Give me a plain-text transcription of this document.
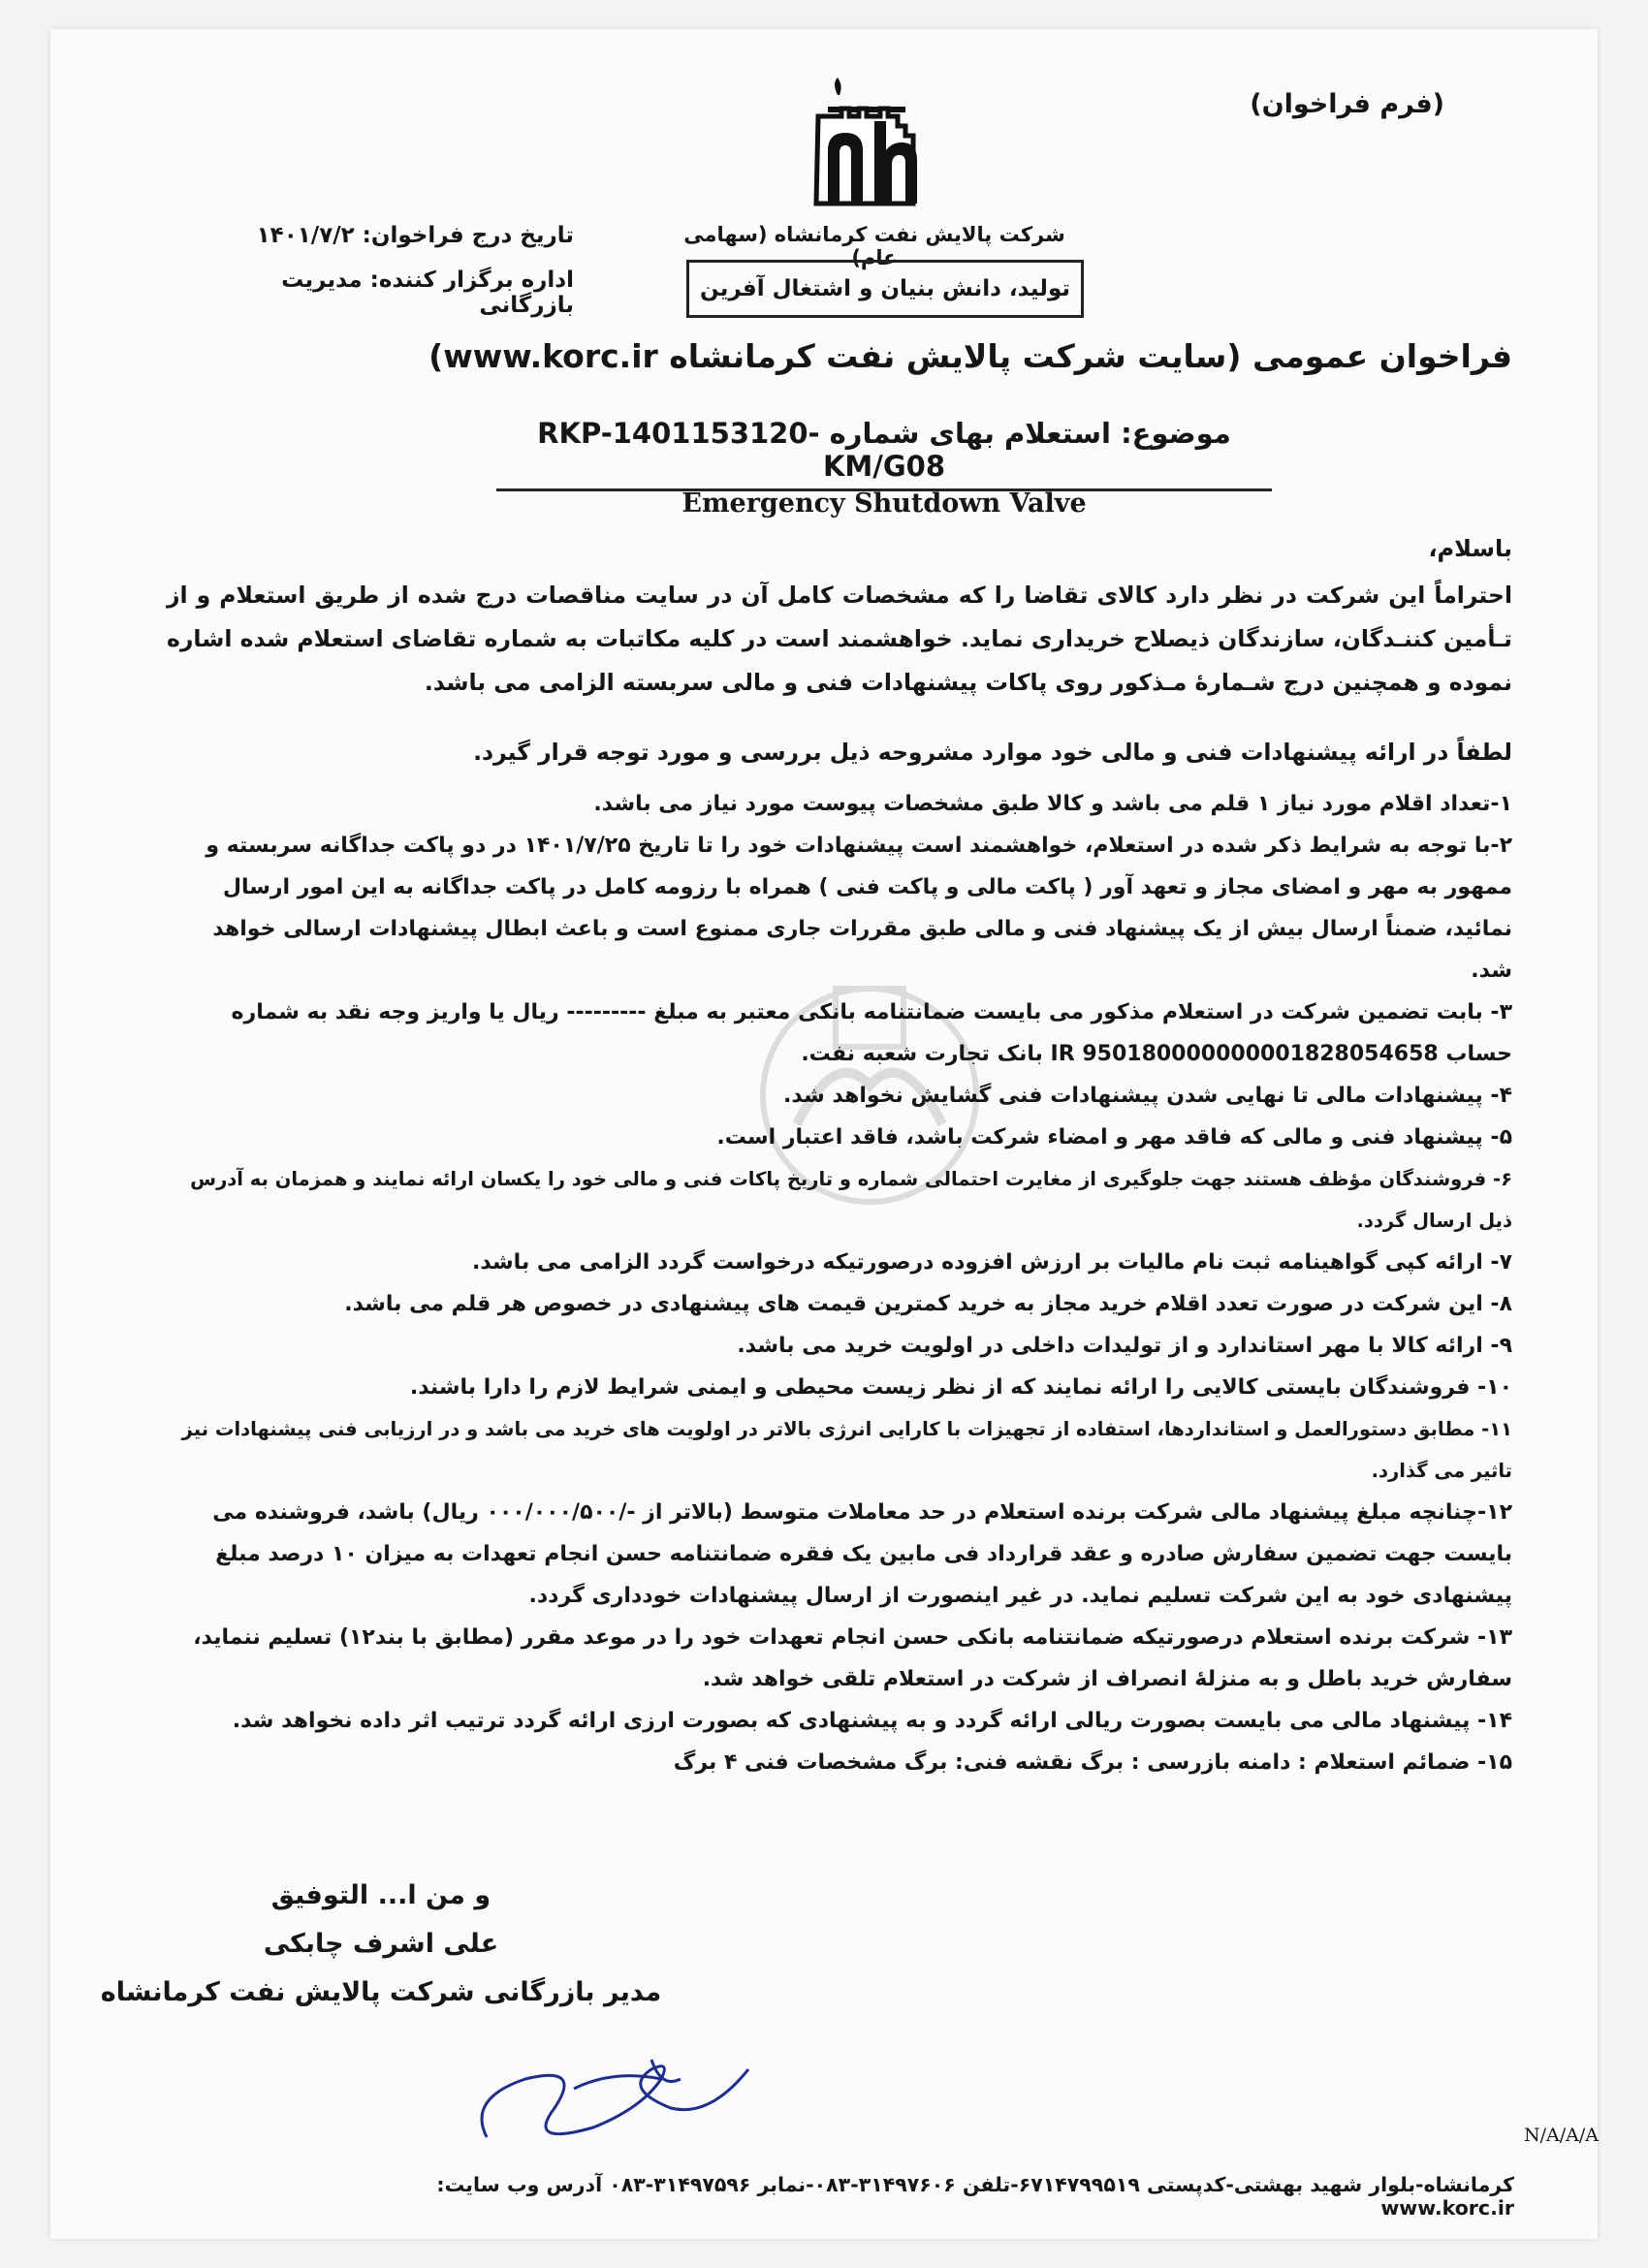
(فرم فراخوان)
شرکت پالایش نفت کرمانشاه (سهامی عام)
تولید، دانش بنیان و اشتغال آفرین
تاریخ درج فراخوان: ۱۴۰۱/۷/۲
اداره برگزار کننده: مدیریت بازرگانی
فراخوان عمومی (سایت شرکت پالایش نفت کرمانشاه www.korc.ir)
موضوع: استعلام بهای شماره RKP-1401153120-KM/G08
Emergency Shutdown Valve
باسلام،
احتراماً این شرکت در نظر دارد کالای تقاضا را که مشخصات کامل آن در سایت مناقصات درج شده از طریق استعلام و از تـأمین کننـدگان، سازندگان ذیصلاح خریداری نماید. خواهشمند است در کلیه مکاتبات به شماره تقاضای استعلام شده اشاره نموده و همچنین درج شـمارهٔ مـذکور روی پاکات پیشنهادات فنی و مالی سربسته الزامی می باشد.
لطفاً در ارائه پیشنهادات فنی و مالی خود موارد مشروحه ذیل بررسی و مورد توجه قرار گیرد.

۱-تعداد اقلام مورد نیاز ۱ قلم می باشد و کالا طبق مشخصات پیوست مورد نیاز می باشد.

۲-با توجه به شرایط ذکر شده در استعلام، خواهشمند است پیشنهادات خود را تا تاریخ ۱۴۰۱/۷/۲۵ در دو پاکت جداگانه سربسته و ممهور به مهر و امضای مجاز و تعهد آور ( پاکت مالی و پاکت فنی ) همراه با رزومه کامل در پاکت جداگانه به این امور ارسال نمائید، ضمناً ارسال بیش از یک پیشنهاد فنی و مالی طبق مقررات جاری ممنوع است و باعث ابطال پیشنهادات ارسالی خواهد شد.

۳- بابت تضمین شرکت در استعلام مذکور می بایست ضمانتنامه بانکی معتبر به مبلغ --------- ریال یا واریز وجه نقد به شماره حساب IR 950180000000001828054658 بانک تجارت شعبه نفت.

۴- پیشنهادات مالی تا نهایی شدن پیشنهادات فنی گشایش نخواهد شد.

۵- پیشنهاد فنی و مالی که فاقد مهر و امضاء شرکت باشد، فاقد اعتبار است.

۶- فروشندگان مؤظف هستند جهت جلوگیری از مغایرت احتمالی شماره و تاریخ پاکات فنی و مالی خود را یکسان ارائه نمایند و همزمان به آدرس ذیل ارسال گردد.

۷- ارائه کپی گواهینامه ثبت نام مالیات بر ارزش افزوده درصورتیکه درخواست گردد الزامی می باشد.

۸- این شرکت در صورت تعدد اقلام خرید مجاز به خرید کمترین قیمت های پیشنهادی در خصوص هر قلم می باشد.

۹- ارائه کالا با مهر استاندارد و از تولیدات داخلی در اولویت خرید می باشد.

۱۰- فروشندگان بایستی کالایی را ارائه نمایند که از نظر زیست محیطی و ایمنی شرایط لازم را دارا باشند.

۱۱- مطابق دستورالعمل و استانداردها، استفاده از تجهیزات با کارایی انرژی بالاتر در اولویت های خرید می باشد و در ارزیابی فنی پیشنهادات نیز تاثیر می گذارد.

۱۲-چنانچه مبلغ پیشنهاد مالی شرکت برنده استعلام در حد معاملات متوسط (بالاتر از -/۰۰۰/۰۰۰/۵۰۰ ریال) باشد، فروشنده می بایست جهت تضمین سفارش صادره و عقد قرارداد فی مابین یک فقره ضمانتنامه حسن انجام تعهدات به میزان ۱۰ درصد مبلغ پیشنهادی خود به این شرکت تسلیم نماید. در غیر اینصورت از ارسال پیشنهادات خودداری گردد.

۱۳- شرکت برنده استعلام درصورتیکه ضمانتنامه بانکی حسن انجام تعهدات خود را در موعد مقرر (مطابق با بند۱۲) تسلیم ننماید، سفارش خرید باطل و به منزلهٔ انصراف از شرکت در استعلام تلقی خواهد شد.

۱۴- پیشنهاد مالی می بایست بصورت ریالی ارائه گردد و به پیشنهادی که بصورت ارزی ارائه گردد ترتیب اثر داده نخواهد شد.

۱۵- ضمائم استعلام : دامنه بازرسی : برگ نقشه فنی: برگ مشخصات فنی ۴ برگ

و من ا... التوفیق
علی اشرف چابکی
مدیر بازرگانی شرکت پالایش نفت کرمانشاه
N/A/A/A
کرمانشاه-بلوار شهید بهشتی-کدپستی ۶۷۱۴۷۹۹۵۱۹-تلفن ۳۱۴۹۷۶۰۶-۰۸۳-نمابر ۳۱۴۹۷۵۹۶-۰۸۳ آدرس وب سایت: www.korc.ir
